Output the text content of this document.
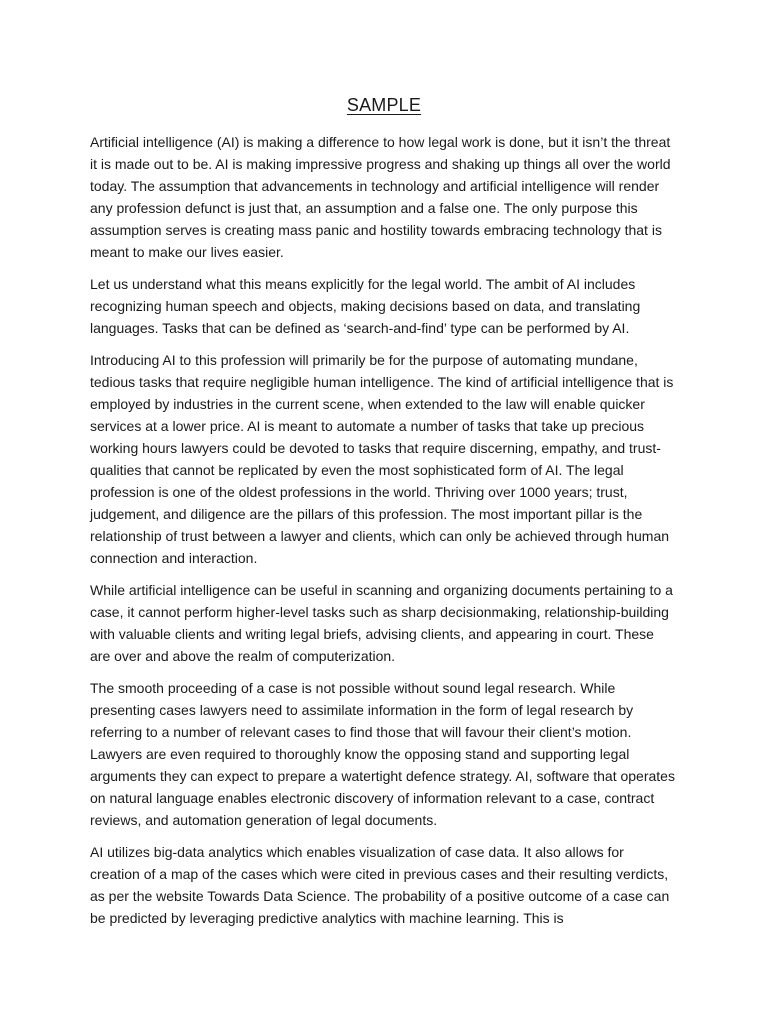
SAMPLE

Artificial intelligence (AI) is making a difference to how legal work is done, but it isn’t the threat it is made out to be. AI is making impressive progress and shaking up things all over the world today. The assumption that advancements in technology and artificial intelligence will render any profession defunct is just that, an assumption and a false one. The only purpose this assumption serves is creating mass panic and hostility towards embracing technology that is meant to make our lives easier.

Let us understand what this means explicitly for the legal world. The ambit of AI includes recognizing human speech and objects, making decisions based on data, and translating languages. Tasks that can be defined as ‘search-and-find’ type can be performed by AI.

Introducing AI to this profession will primarily be for the purpose of automating mundane, tedious tasks that require negligible human intelligence. The kind of artificial intelligence that is employed by industries in the current scene, when extended to the law will enable quicker services at a lower price. AI is meant to automate a number of tasks that take up precious working hours lawyers could be devoted to tasks that require discerning, empathy, and trust- qualities that cannot be replicated by even the most sophisticated form of AI. The legal profession is one of the oldest professions in the world. Thriving over 1000 years; trust, judgement, and diligence are the pillars of this profession. The most important pillar is the relationship of trust between a lawyer and clients, which can only be achieved through human connection and interaction.

While artificial intelligence can be useful in scanning and organizing documents pertaining to a case, it cannot perform higher-level tasks such as sharp decisionmaking, relationship-building with valuable clients and writing legal briefs, advising clients, and appearing in court. These are over and above the realm of computerization.

The smooth proceeding of a case is not possible without sound legal research. While presenting cases lawyers need to assimilate information in the form of legal research by referring to a number of relevant cases to find those that will favour their client’s motion. Lawyers are even required to thoroughly know the opposing stand and supporting legal arguments they can expect to prepare a watertight defence strategy. AI, software that operates on natural language enables electronic discovery of information relevant to a case, contract reviews, and automation generation of legal documents.

AI utilizes big-data analytics which enables visualization of case data. It also allows for creation of a map of the cases which were cited in previous cases and their resulting verdicts, as per the website Towards Data Science. The probability of a positive outcome of a case can be predicted by leveraging predictive analytics with machine learning. This is
